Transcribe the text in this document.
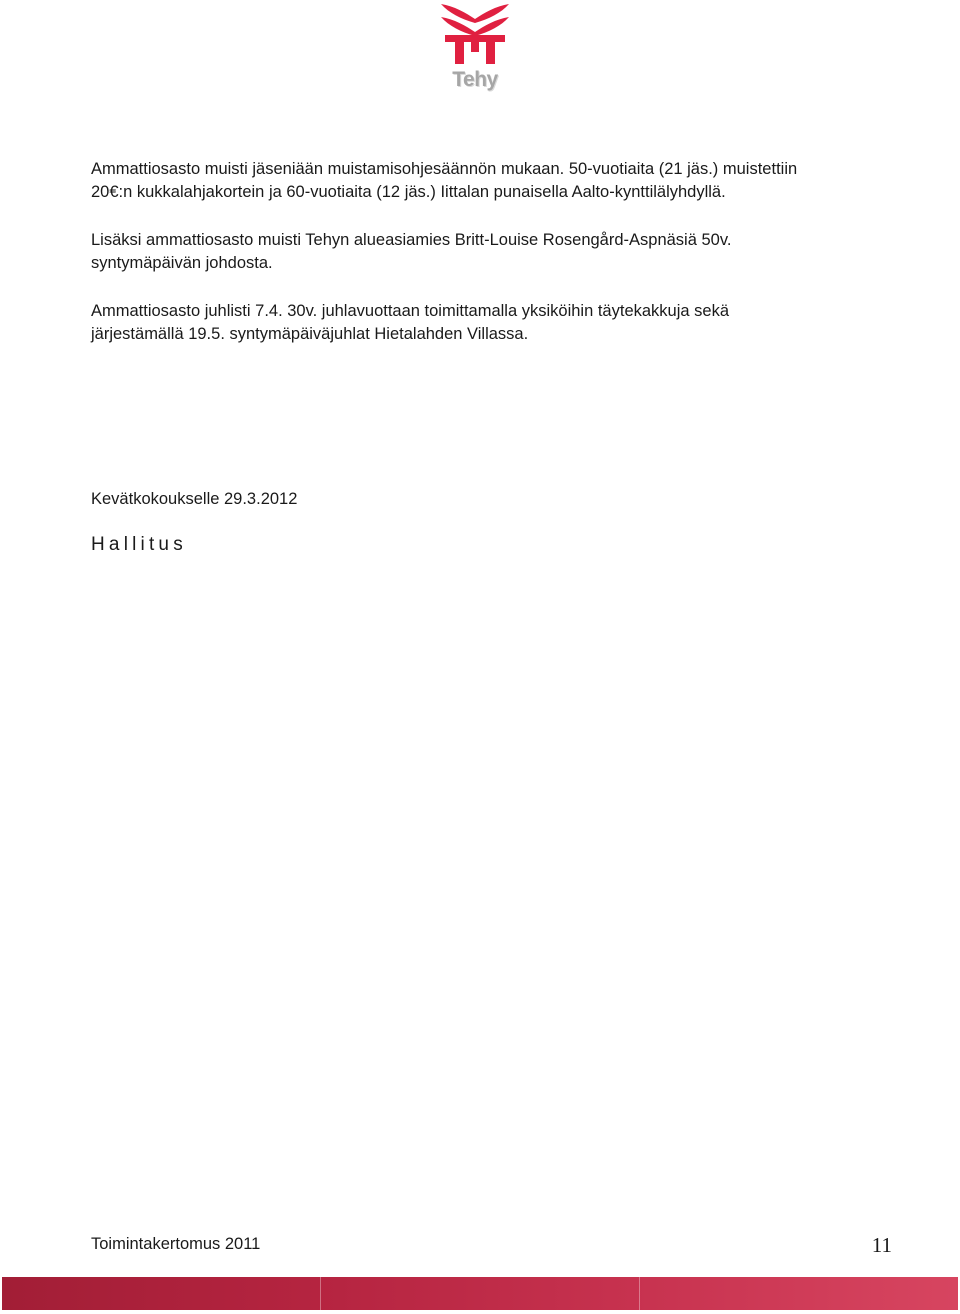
Tehy
Ammattiosasto muisti jäseniään muistamisohjesäännön mukaan. 50-vuotiaita (21 jäs.) muistettiin
20€:n kukkalahjakortein ja 60-vuotiaita (12 jäs.) Iittalan punaisella Aalto-kynttilälyhdyllä.
Lisäksi ammattiosasto muisti Tehyn alueasiamies Britt-Louise Rosengård-Aspnäsiä 50v.
syntymäpäivän johdosta.
Ammattiosasto juhlisti 7.4. 30v. juhlavuottaan toimittamalla yksiköihin täytekakkuja sekä
järjestämällä 19.5. syntymäpäiväjuhlat Hietalahden Villassa.
Kevätkokoukselle 29.3.2012

Hallitus

Toimintakertomus 2011	11
